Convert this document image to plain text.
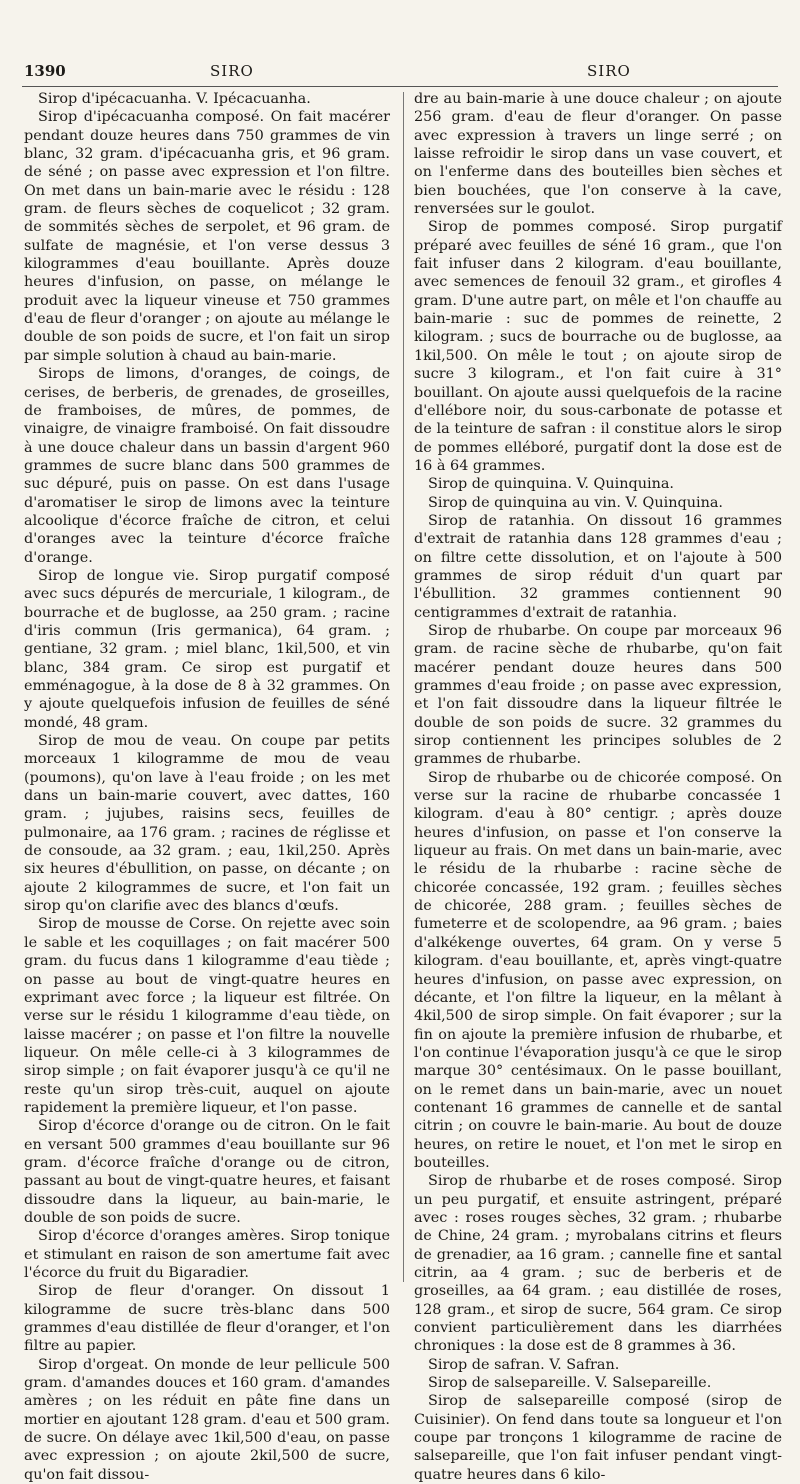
1390	SIRO	SIRO

Sirop d'ipécacuanha. V. Ipécacuanha.

Sirop d'ipécacuanha composé. On fait macérer pendant douze heures dans 750 grammes de vin blanc, 32 gram. d'ipécacuanha gris, et 96 gram. de séné ; on passe avec expression et l'on filtre. On met dans un bain-marie avec le résidu : 128 gram. de fleurs sèches de coquelicot ; 32 gram. de sommités sèches de serpolet, et 96 gram. de sulfate de magnésie, et l'on verse dessus 3 kilogrammes d'eau bouillante. Après douze heures d'infusion, on passe, on mélange le produit avec la liqueur vineuse et 750 grammes d'eau de fleur d'oranger ; on ajoute au mélange le double de son poids de sucre, et l'on fait un sirop par simple solution à chaud au bain-marie.

Sirops de limons, d'oranges, de coings, de cerises, de berberis, de grenades, de groseilles, de framboises, de mûres, de pommes, de vinaigre, de vinaigre framboisé. On fait dissoudre à une douce chaleur dans un bassin d'argent 960 grammes de sucre blanc dans 500 grammes de suc dépuré, puis on passe. On est dans l'usage d'aromatiser le sirop de limons avec la teinture alcoolique d'écorce fraîche de citron, et celui d'oranges avec la teinture d'écorce fraîche d'orange.

Sirop de longue vie. Sirop purgatif composé avec sucs dépurés de mercuriale, 1 kilogram., de bourrache et de buglosse, aa 250 gram. ; racine d'iris commun (Iris germanica), 64 gram. ; gentiane, 32 gram. ; miel blanc, 1kil,500, et vin blanc, 384 gram. Ce sirop est purgatif et emménagogue, à la dose de 8 à 32 grammes. On y ajoute quelquefois infusion de feuilles de séné mondé, 48 gram.

Sirop de mou de veau. On coupe par petits morceaux 1 kilogramme de mou de veau (poumons), qu'on lave à l'eau froide ; on les met dans un bain-marie couvert, avec dattes, 160 gram. ; jujubes, raisins secs, feuilles de pulmonaire, aa 176 gram. ; racines de réglisse et de consoude, aa 32 gram. ; eau, 1kil,250. Après six heures d'ébullition, on passe, on décante ; on ajoute 2 kilogrammes de sucre, et l'on fait un sirop qu'on clarifie avec des blancs d'œufs.

Sirop de mousse de Corse. On rejette avec soin le sable et les coquillages ; on fait macérer 500 gram. du fucus dans 1 kilogramme d'eau tiède ; on passe au bout de vingt-quatre heures en exprimant avec force ; la liqueur est filtrée. On verse sur le résidu 1 kilogramme d'eau tiède, on laisse macérer ; on passe et l'on filtre la nouvelle liqueur. On mêle celle-ci à 3 kilogrammes de sirop simple ; on fait évaporer jusqu'à ce qu'il ne reste qu'un sirop très-cuit, auquel on ajoute rapidement la première liqueur, et l'on passe.

Sirop d'écorce d'orange ou de citron. On le fait en versant 500 grammes d'eau bouillante sur 96 gram. d'écorce fraîche d'orange ou de citron, passant au bout de vingt-quatre heures, et faisant dissoudre dans la liqueur, au bain-marie, le double de son poids de sucre.

Sirop d'écorce d'oranges amères. Sirop tonique et stimulant en raison de son amertume fait avec l'écorce du fruit du Bigaradier.

Sirop de fleur d'oranger. On dissout 1 kilogramme de sucre très-blanc dans 500 grammes d'eau distillée de fleur d'oranger, et l'on filtre au papier.

Sirop d'orgeat. On monde de leur pellicule 500 gram. d'amandes douces et 160 gram. d'amandes amères ; on les réduit en pâte fine dans un mortier en ajoutant 128 gram. d'eau et 500 gram. de sucre. On délaye avec 1kil,500 d'eau, on passe avec expression ; on ajoute 2kil,500 de sucre, qu'on fait dissou-

dre au bain-marie à une douce chaleur ; on ajoute 256 gram. d'eau de fleur d'oranger. On passe avec expression à travers un linge serré ; on laisse refroidir le sirop dans un vase couvert, et on l'enferme dans des bouteilles bien sèches et bien bouchées, que l'on conserve à la cave, renversées sur le goulot.

Sirop de pommes composé. Sirop purgatif préparé avec feuilles de séné 16 gram., que l'on fait infuser dans 2 kilogram. d'eau bouillante, avec semences de fenouil 32 gram., et girofles 4 gram. D'une autre part, on mêle et l'on chauffe au bain-marie : suc de pommes de reinette, 2 kilogram. ; sucs de bourrache ou de buglosse, aa 1kil,500. On mêle le tout ; on ajoute sirop de sucre 3 kilogram., et l'on fait cuire à 31° bouillant. On ajoute aussi quelquefois de la racine d'ellébore noir, du sous-carbonate de potasse et de la teinture de safran : il constitue alors le sirop de pommes elléboré, purgatif dont la dose est de 16 à 64 grammes.

Sirop de quinquina. V. Quinquina.

Sirop de quinquina au vin. V. Quinquina.

Sirop de ratanhia. On dissout 16 grammes d'extrait de ratanhia dans 128 grammes d'eau ; on filtre cette dissolution, et on l'ajoute à 500 grammes de sirop réduit d'un quart par l'ébullition. 32 grammes contiennent 90 centigrammes d'extrait de ratanhia.

Sirop de rhubarbe. On coupe par morceaux 96 gram. de racine sèche de rhubarbe, qu'on fait macérer pendant douze heures dans 500 grammes d'eau froide ; on passe avec expression, et l'on fait dissoudre dans la liqueur filtrée le double de son poids de sucre. 32 grammes du sirop contiennent les principes solubles de 2 grammes de rhubarbe.

Sirop de rhubarbe ou de chicorée composé. On verse sur la racine de rhubarbe concassée 1 kilogram. d'eau à 80° centigr. ; après douze heures d'infusion, on passe et l'on conserve la liqueur au frais. On met dans un bain-marie, avec le résidu de la rhubarbe : racine sèche de chicorée concassée, 192 gram. ; feuilles sèches de chicorée, 288 gram. ; feuilles sèches de fumeterre et de scolopendre, aa 96 gram. ; baies d'alkékenge ouvertes, 64 gram. On y verse 5 kilogram. d'eau bouillante, et, après vingt-quatre heures d'infusion, on passe avec expression, on décante, et l'on filtre la liqueur, en la mêlant à 4kil,500 de sirop simple. On fait évaporer ; sur la fin on ajoute la première infusion de rhubarbe, et l'on continue l'évaporation jusqu'à ce que le sirop marque 30° centésimaux. On le passe bouillant, on le remet dans un bain-marie, avec un nouet contenant 16 grammes de cannelle et de santal citrin ; on couvre le bain-marie. Au bout de douze heures, on retire le nouet, et l'on met le sirop en bouteilles.

Sirop de rhubarbe et de roses composé. Sirop un peu purgatif, et ensuite astringent, préparé avec : roses rouges sèches, 32 gram. ; rhubarbe de Chine, 24 gram. ; myrobalans citrins et fleurs de grenadier, aa 16 gram. ; cannelle fine et santal citrin, aa 4 gram. ; suc de berberis et de groseilles, aa 64 gram. ; eau distillée de roses, 128 gram., et sirop de sucre, 564 gram. Ce sirop convient particulièrement dans les diarrhées chroniques : la dose est de 8 grammes à 36.

Sirop de safran. V. Safran.

Sirop de salsepareille. V. Salsepareille.

Sirop de salsepareille composé (sirop de Cuisinier). On fend dans toute sa longueur et l'on coupe par tronçons 1 kilogramme de racine de salsepareille, que l'on fait infuser pendant vingt-quatre heures dans 6 kilo-
